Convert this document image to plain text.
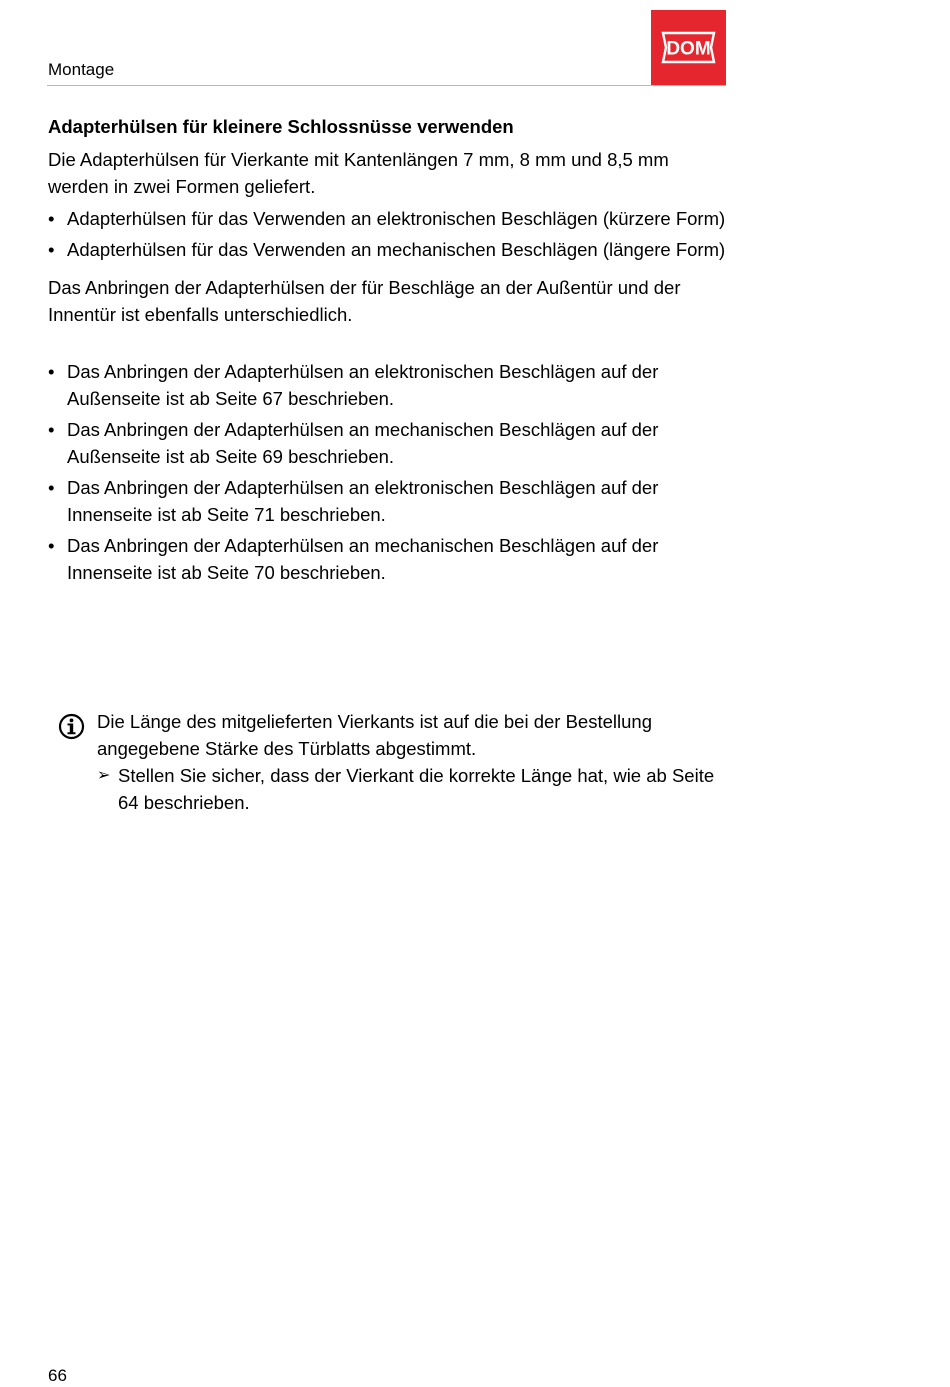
Montage
DOM
Adapterhülsen für kleinere Schlossnüsse verwenden

Die Adapterhülsen für Vierkante mit Kantenlängen 7 mm, 8 mm und 8,5 mm werden in zwei Formen geliefert.

• Adapterhülsen für das Verwenden an elektronischen Beschlägen (kürzere Form)
• Adapterhülsen für das Verwenden an mechanischen Beschlägen (längere Form)

Das Anbringen der Adapterhülsen der für Beschläge an der Außentür und der Innentür ist ebenfalls unterschiedlich.

• Das Anbringen der Adapterhülsen an elektronischen Beschlägen auf der Außenseite ist ab Seite 67 beschrieben.
• Das Anbringen der Adapterhülsen an mechanischen Beschlägen auf der Außenseite ist ab Seite 69 beschrieben.
• Das Anbringen der Adapterhülsen an elektronischen Beschlägen auf der Innenseite ist ab Seite 71 beschrieben.
• Das Anbringen der Adapterhülsen an mechanischen Beschlägen auf der Innenseite ist ab Seite 70 beschrieben.

Die Länge des mitgelieferten Vierkants ist auf die bei der Bestellung angegebene Stärke des Türblatts abgestimmt.

➢ Stellen Sie sicher, dass der Vierkant die korrekte Länge hat, wie ab Seite 64 beschrieben.

66
